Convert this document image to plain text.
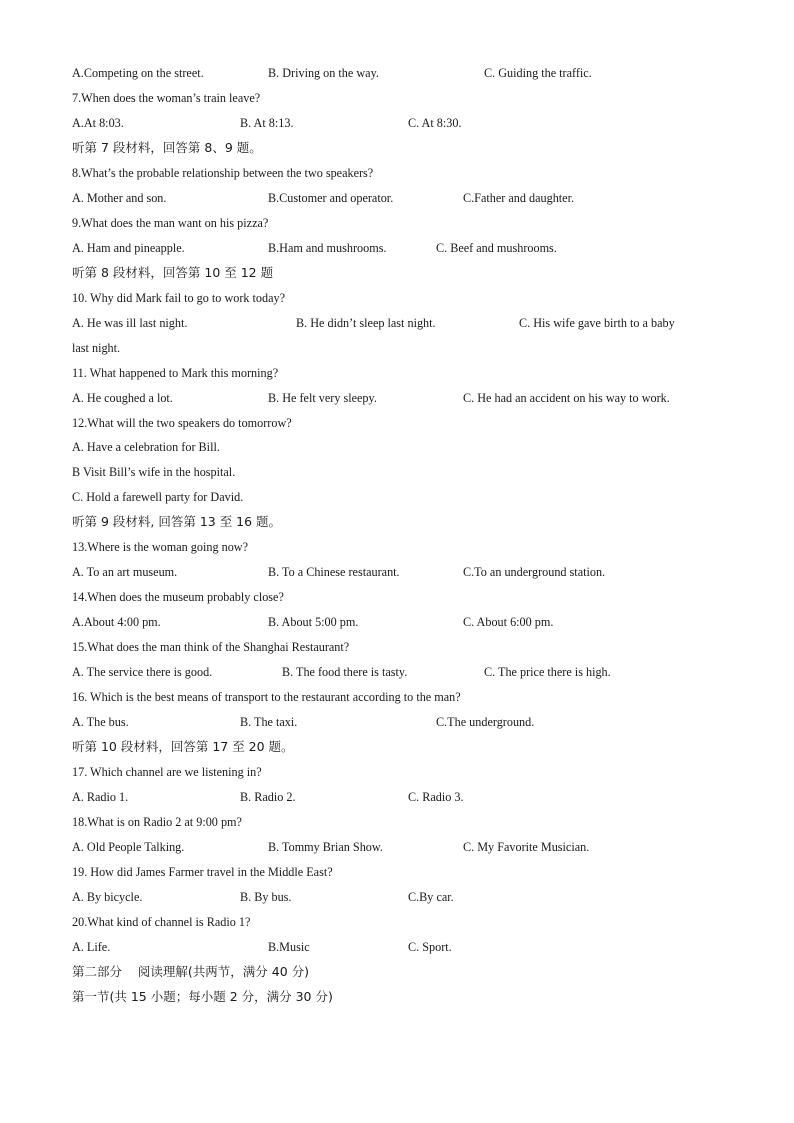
A.Competing on the street.	B. Driving on the way.	C. Guiding the traffic.
7.When does the woman’s train leave?
A.At 8:03.	B. At 8:13.	C. At 8:30.
听第 7 段材料，回答第 8、9 题。
8.What’s the probable relationship between the two speakers?
A. Mother and son.	B.Customer and operator.	C.Father and daughter.
9.What does the man want on his pizza?
A. Ham and pineapple.	B.Ham and mushrooms.	C. Beef and mushrooms.
听第 8 段材料，回答第 10 至 12 题
10. Why did Mark fail to go to work today?
A. He was ill last night.	B. He didn’t sleep last night.	C. His wife gave birth to a baby
last night.
11. What happened to Mark this morning?
A. He coughed a lot.	B. He felt very sleepy.	C. He had an accident on his way to work.
12.What will the two speakers do tomorrow?
A. Have a celebration for Bill.
B Visit Bill’s wife in the hospital.
C. Hold a farewell party for David.
听第 9 段材料, 回答第 13 至 16 题。
13.Where is the woman going now?
A. To an art museum.	B. To a Chinese restaurant.	C.To an underground station.
14.When does the museum probably close?
A.About 4:00 pm.	B. About 5:00 pm.	C. About 6:00 pm.
15.What does the man think of the Shanghai Restaurant?
A. The service there is good.	B. The food there is tasty.	C. The price there is high.
16. Which is the best means of transport to the restaurant according to the man?
A. The bus.	B. The taxi.	C.The underground.
听第 10 段材料，回答第 17 至 20 题。
17. Which channel are we listening in?
A. Radio 1.	B. Radio 2.	C. Radio 3.
18.What is on Radio 2 at 9:00 pm?
A. Old People Talking.	B. Tommy Brian Show.	C. My Favorite Musician.
19. How did James Farmer travel in the Middle East?
A. By bicycle.	B. By bus.	C.By car.
20.What kind of channel is Radio 1?
A. Life.	B.Music	C. Sport.
第二部分    阅读理解(共两节，满分 40 分)
第一节(共 15 小题；每小题 2 分，满分 30 分)
